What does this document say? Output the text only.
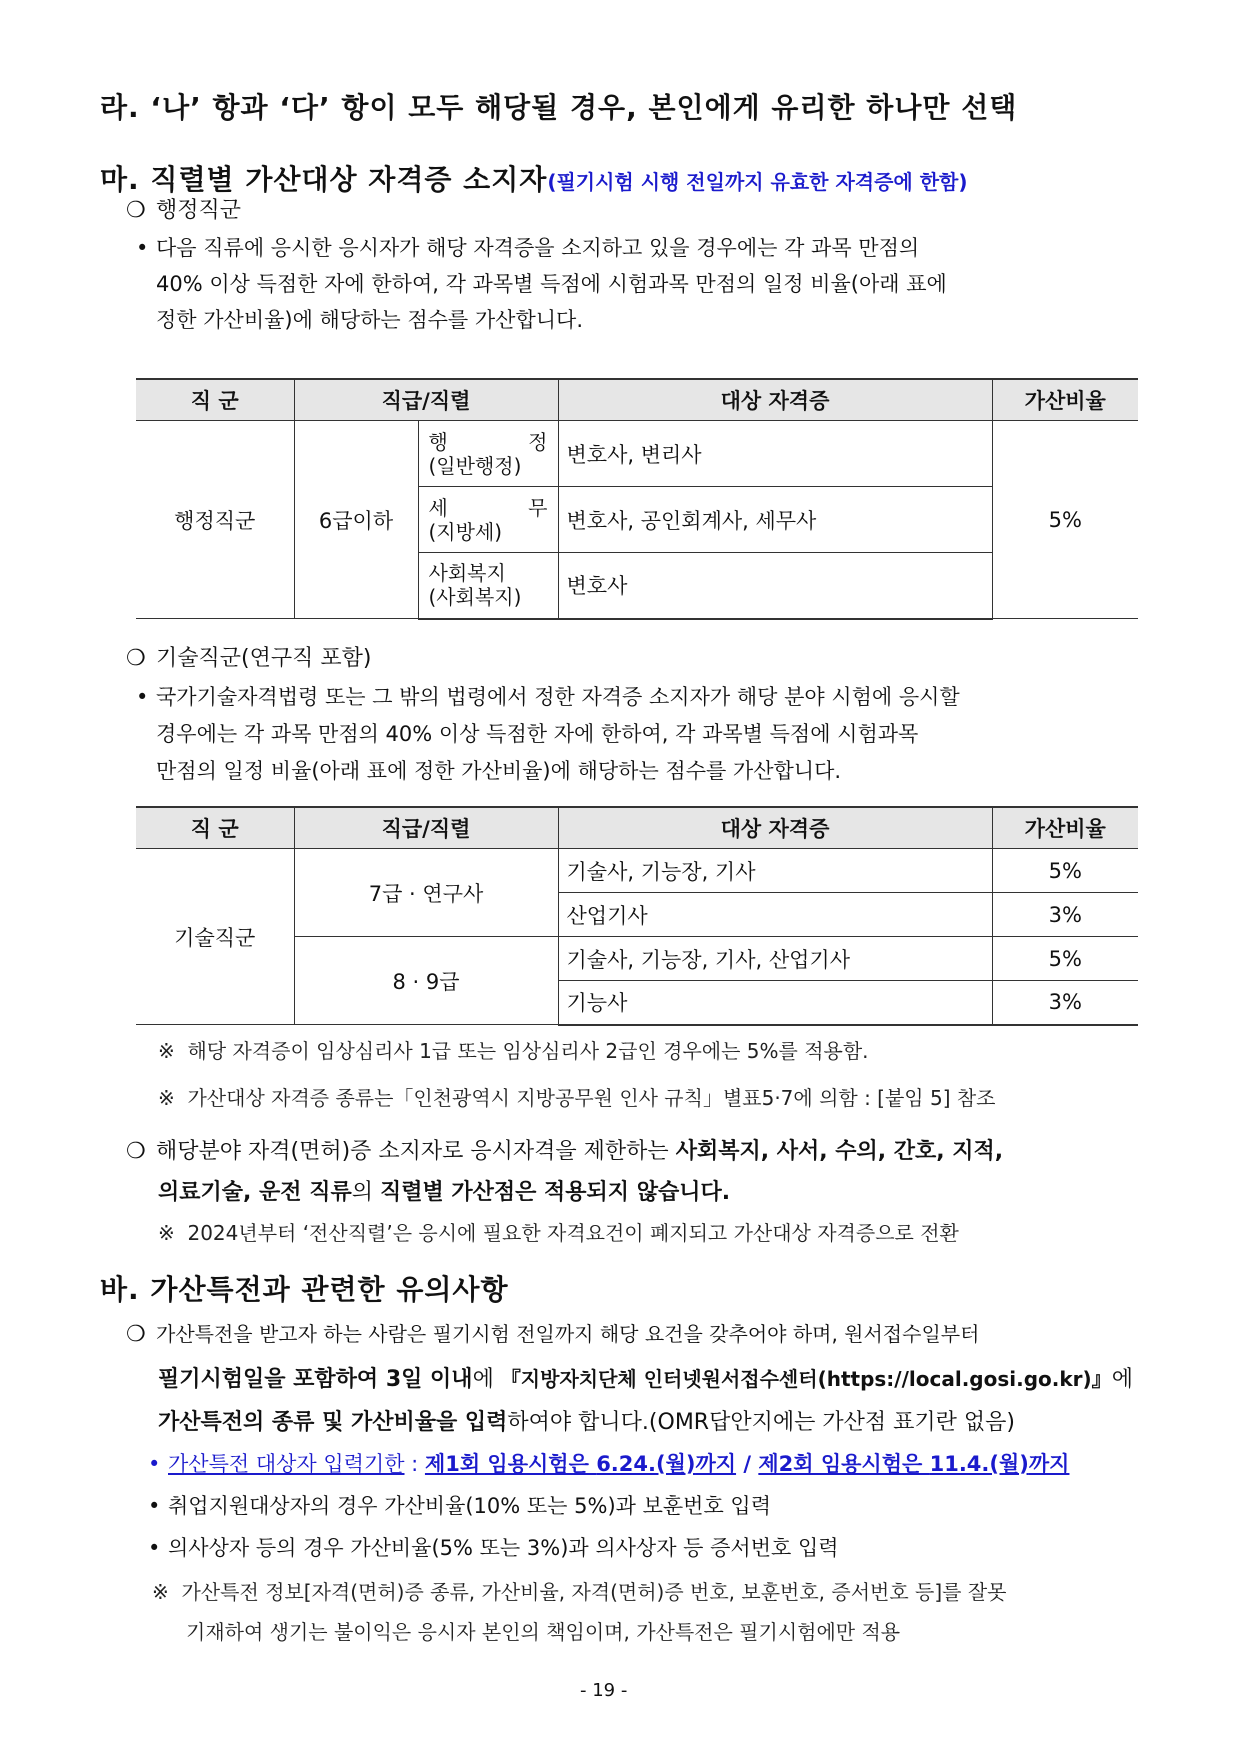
라. ‘나’ 항과 ‘다’ 항이 모두 해당될 경우, 본인에게 유리한 하나만 선택
마. 직렬별 가산대상 자격증 소지자(필기시험 시행 전일까지 유효한 자격증에 한함)
❍ 행정직군
• 다음 직류에 응시한 응시자가 해당 자격증을 소지하고 있을 경우에는 각 과목 만점의
40% 이상 득점한 자에 한하여, 각 과목별 득점에 시험과목 만점의 일정 비율(아래 표에
정한 가산비율)에 해당하는 점수를 가산합니다.
직 군	직급/직렬		대상 자격증	가산비율
행정직군	6급이하	행 정
(일반행정)	변호사, 변리사	5%

		세 무
(지방세)	변호사, 공인회계사, 세무사	

		사회복지
(사회복지)	변호사	
❍ 기술직군(연구직 포함)
• 국가기술자격법령 또는 그 밖의 법령에서 정한 자격증 소지자가 해당 분야 시험에 응시할
경우에는 각 과목 만점의 40% 이상 득점한 자에 한하여, 각 과목별 득점에 시험과목
만점의 일정 비율(아래 표에 정한 가산비율)에 해당하는 점수를 가산합니다.
직 군	직급/직렬	대상 자격증	가산비율
기술직군	7급 · 연구사	기술사, 기능장, 기사	5%
		산업기사	3%
	8 · 9급	기술사, 기능장, 기사, 산업기사	5%
		기능사	3%
※ 해당 자격증이 임상심리사 1급 또는 임상심리사 2급인 경우에는 5%를 적용함.
※ 가산대상 자격증 종류는「인천광역시 지방공무원 인사 규칙」별표5·7에 의함 : [붙임 5] 참조
❍ 해당분야 자격(면허)증 소지자로 응시자격을 제한하는 사회복지, 사서, 수의, 간호, 지적,
의료기술, 운전 직류의 직렬별 가산점은 적용되지 않습니다.
※ 2024년부터 ‘전산직렬’은 응시에 필요한 자격요건이 폐지되고 가산대상 자격증으로 전환
바. 가산특전과 관련한 유의사항
❍ 가산특전을 받고자 하는 사람은 필기시험 전일까지 해당 요건을 갖추어야 하며, 원서접수일부터
필기시험일을 포함하여 3일 이내에 『지방자치단체 인터넷원서접수센터(https://local.gosi.go.kr)』에
가산특전의 종류 및 가산비율을 입력하여야 합니다.(OMR답안지에는 가산점 표기란 없음)
• 가산특전 대상자 입력기한 : 제1회 임용시험은 6.24.(월)까지 / 제2회 임용시험은 11.4.(월)까지
• 취업지원대상자의 경우 가산비율(10% 또는 5%)과 보훈번호 입력
• 의사상자 등의 경우 가산비율(5% 또는 3%)과 의사상자 등 증서번호 입력
※ 가산특전 정보[자격(면허)증 종류, 가산비율, 자격(면허)증 번호, 보훈번호, 증서번호 등]를 잘못
기재하여 생기는 불이익은 응시자 본인의 책임이며, 가산특전은 필기시험에만 적용
- 19 -
